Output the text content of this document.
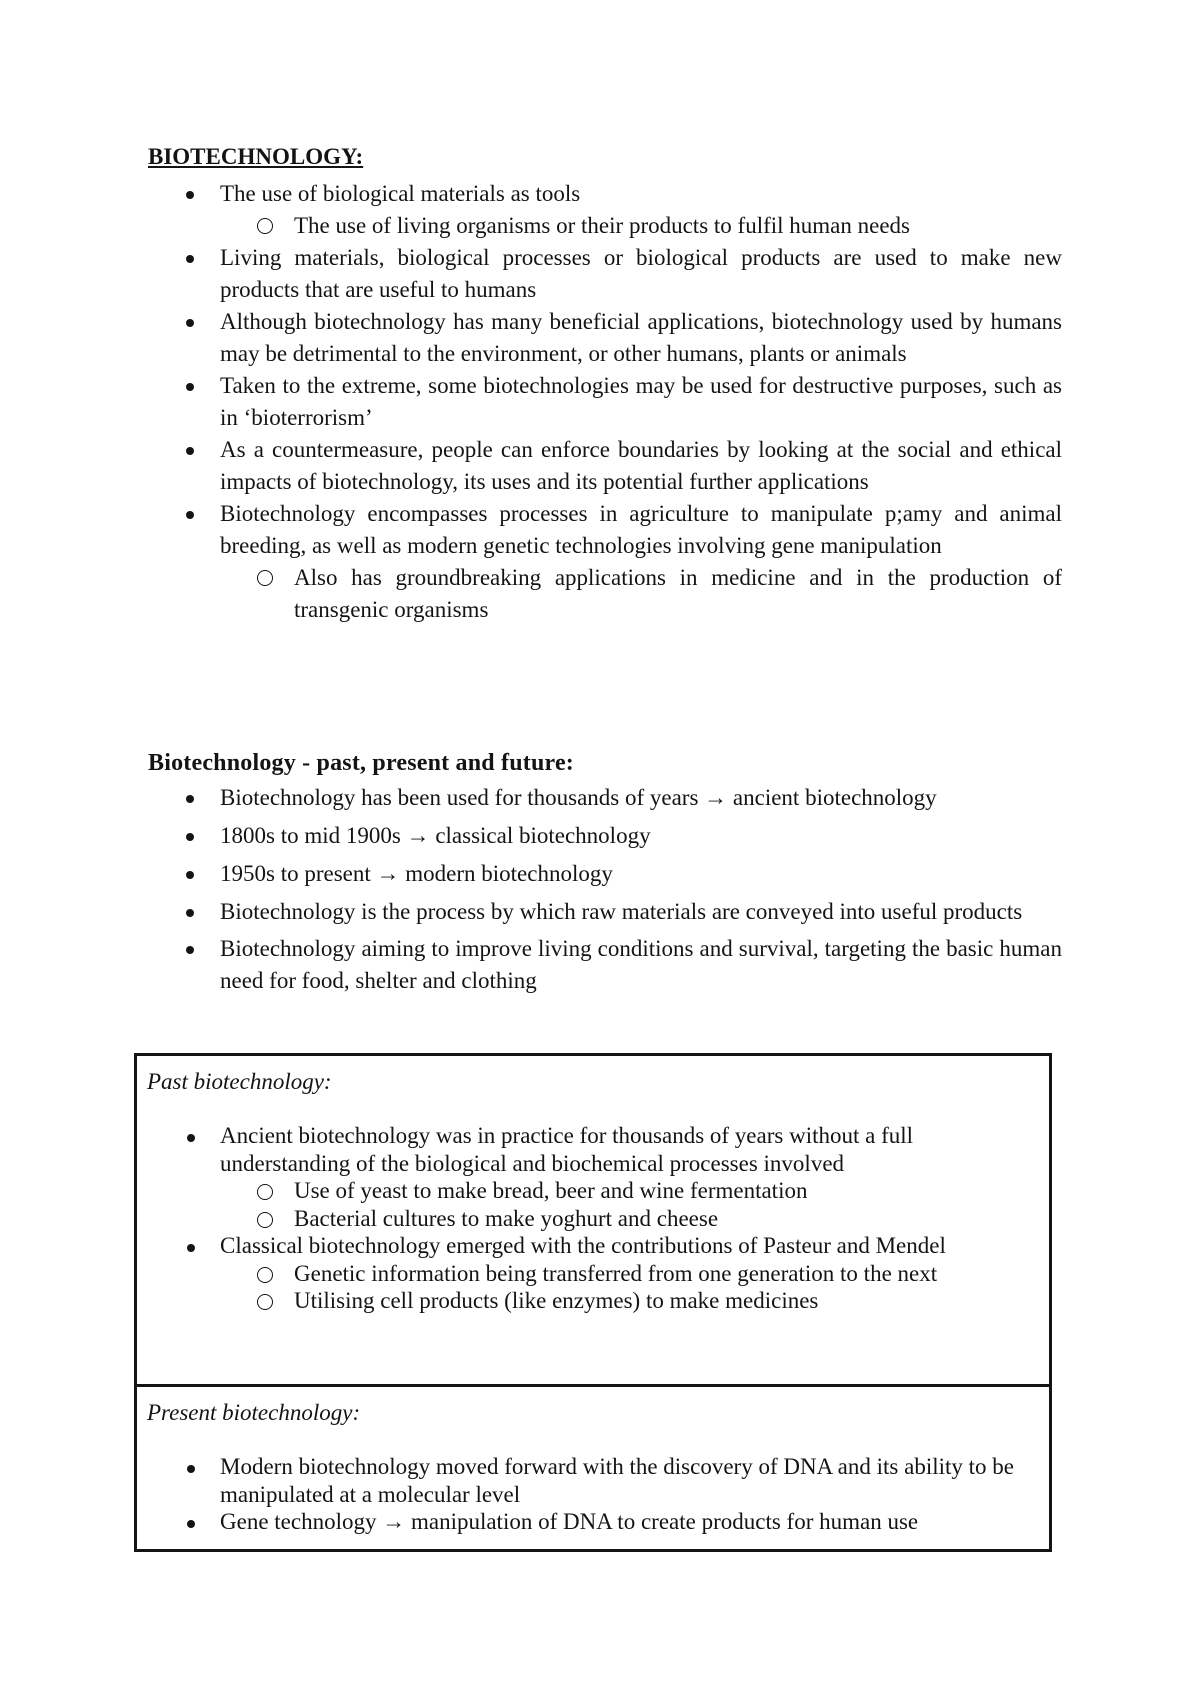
BIOTECHNOLOGY:
The use of biological materials as tools
The use of living organisms or their products to fulfil human needs
Living materials, biological processes or biological products are used to make new products that are useful to humans
Although biotechnology has many beneficial applications, biotechnology used by humans may be detrimental to the environment, or other humans, plants or animals
Taken to the extreme, some biotechnologies may be used for destructive purposes, such as in ‘bioterrorism’
As a countermeasure, people can enforce boundaries by looking at the social and ethical impacts of biotechnology, its uses and its potential further applications
Biotechnology encompasses processes in agriculture to manipulate p;amy and animal breeding, as well as modern genetic technologies involving gene manipulation
Also has groundbreaking applications in medicine and in the production of transgenic organisms
Biotechnology - past, present and future:
Biotechnology has been used for thousands of years → ancient biotechnology
1800s to mid 1900s → classical biotechnology
1950s to present → modern biotechnology
Biotechnology is the process by which raw materials are conveyed into useful products
Biotechnology aiming to improve living conditions and survival, targeting the basic human need for food, shelter and clothing

Past biotechnology:

Ancient biotechnology was in practice for thousands of years without a full understanding of the biological and biochemical processes involved
Use of yeast to make bread, beer and wine fermentation
Bacterial cultures to make yoghurt and cheese
Classical biotechnology emerged with the contributions of Pasteur and Mendel
Genetic information being transferred from one generation to the next
Utilising cell products (like enzymes) to make medicines

Present biotechnology:

Modern biotechnology moved forward with the discovery of DNA and its ability to be manipulated at a molecular level
Gene technology → manipulation of DNA to create products for human use
